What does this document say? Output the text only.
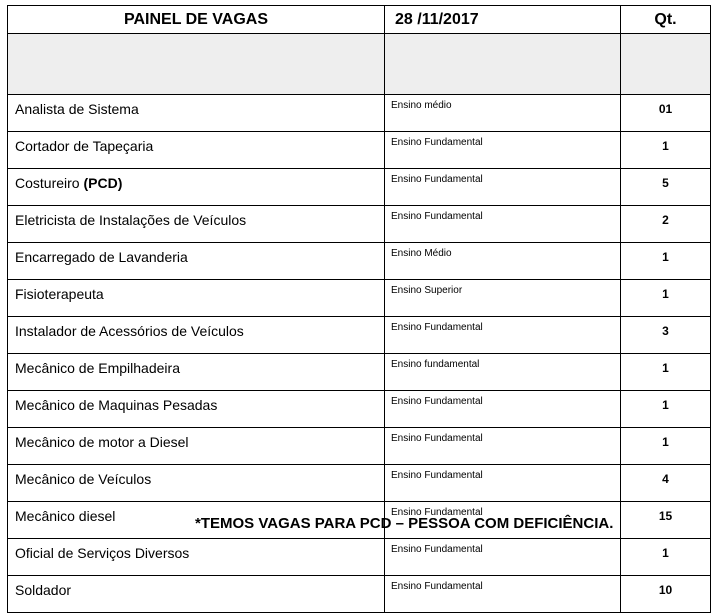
PAINEL DE VAGAS	28 /11/2017	Qt.

Analista de Sistema	Ensino médio	01
Cortador de Tapeçaria	Ensino Fundamental	1
Costureiro (PCD)	Ensino Fundamental	5
Eletricista de Instalações de Veículos	Ensino Fundamental	2
Encarregado de Lavanderia	Ensino Médio	1
Fisioterapeuta	Ensino Superior	1
Instalador de Acessórios de Veículos	Ensino Fundamental	3
Mecânico de Empilhadeira	Ensino fundamental	1
Mecânico de Maquinas Pesadas	Ensino Fundamental	1
Mecânico de motor a Diesel	Ensino Fundamental	1
Mecânico de Veículos	Ensino Fundamental	4
Mecânico diesel	Ensino Fundamental	15
Oficial de Serviços Diversos	Ensino Fundamental	1
Soldador	Ensino Fundamental	10
*TEMOS VAGAS PARA PCD – PESSOA COM DEFICIÊNCIA.
